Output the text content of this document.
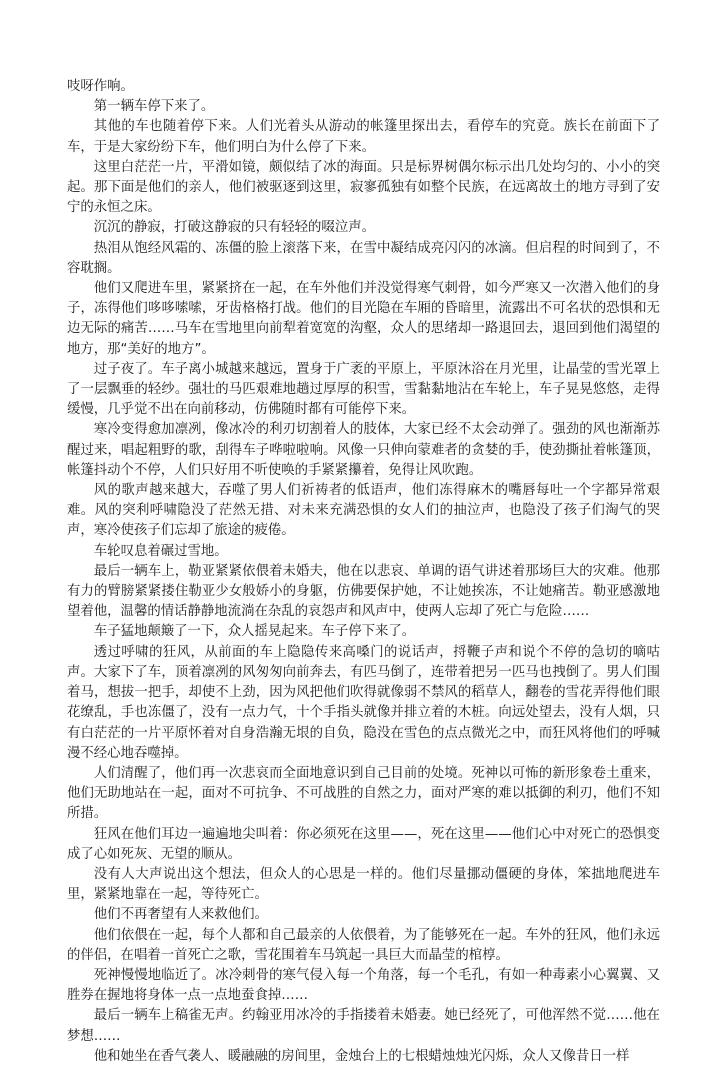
吱呀作响。

第一辆车停下来了。

其他的车也随着停下来。人们光着头从游动的帐篷里探出去，看停车的究竟。族长在前面下了车，于是大家纷纷下车，他们明白为什么停了下来。

这里白茫茫一片，平滑如镜，颇似结了冰的海面。只是标界树偶尔标示出几处均匀的、小小的突起。那下面是他们的亲人，他们被驱逐到这里，寂寥孤独有如整个民族，在远离故土的地方寻到了安宁的永恒之床。

沉沉的静寂，打破这静寂的只有轻轻的啜泣声。

热泪从饱经风霜的、冻僵的脸上滚落下来，在雪中凝结成亮闪闪的冰滴。但启程的时间到了，不容耽搁。

他们又爬进车里，紧紧挤在一起，在车外他们并没觉得寒气刺骨，如今严寒又一次潜入他们的身子，冻得他们哆哆嗦嗦，牙齿格格打战。他们的目光隐在车厢的昏暗里，流露出不可名状的恐惧和无边无际的痛苦……马车在雪地里向前犁着宽宽的沟壑，众人的思绪却一路退回去，退回到他们渴望的地方，那“美好的地方”。

过子夜了。车子离小城越来越远，置身于广袤的平原上，平原沐浴在月光里，让晶莹的雪光罩上了一层飘垂的轻纱。强壮的马匹艰难地趟过厚厚的积雪，雪黏黏地沾在车轮上，车子晃晃悠悠，走得缓慢，几乎觉不出在向前移动，仿佛随时都有可能停下来。

寒冷变得愈加凛冽，像冰冷的利刃切割着人的肢体，大家已经不太会动弹了。强劲的风也渐渐苏醒过来，唱起粗野的歌，刮得车子哗啦啦响。风像一只伸向蒙难者的贪婪的手，使劲撕扯着帐篷顶，帐篷抖动个不停，人们只好用不听使唤的手紧紧攥着，免得让风吹跑。

风的歌声越来越大，吞噬了男人们祈祷者的低语声，他们冻得麻木的嘴唇每吐一个字都异常艰难。风的突利呼啸隐没了茫然无措、对未来充满恐惧的女人们的抽泣声，也隐没了孩子们淘气的哭声，寒冷使孩子们忘却了旅途的疲倦。

车轮叹息着碾过雪地。

最后一辆车上，勒亚紧紧依偎着未婚夫，他在以悲哀、单调的语气讲述着那场巨大的灾难。他那有力的臂膀紧紧搂住勒亚少女般娇小的身躯，仿佛要保护她，不让她挨冻，不让她痛苦。勒亚感激地望着他，温馨的情话静静地流淌在杂乱的哀怨声和风声中，使两人忘却了死亡与危险……

车子猛地颠簸了一下，众人摇晃起来。车子停下来了。

透过呼啸的狂风，从前面的车上隐隐传来高嗓门的说话声，捋鞭子声和说个不停的急切的嘀咕声。大家下了车，顶着凛冽的风匆匆向前奔去，有匹马倒了，连带着把另一匹马也拽倒了。男人们围着马，想拔一把手，却使不上劲，因为风把他们吹得就像弱不禁风的稻草人，翻卷的雪花弄得他们眼花缭乱，手也冻僵了，没有一点力气，十个手指头就像并排立着的木桩。向远处望去，没有人烟，只有白茫茫的一片平原怀着对自身浩瀚无垠的自负，隐没在雪色的点点微光之中，而狂风将他们的呼喊漫不经心地吞噬掉。

人们清醒了，他们再一次悲哀而全面地意识到自己目前的处境。死神以可怖的新形象卷土重来，他们无助地站在一起，面对不可抗争、不可战胜的自然之力，面对严寒的难以抵御的利刃，他们不知所措。

狂风在他们耳边一遍遍地尖叫着：你必须死在这里——，死在这里——他们心中对死亡的恐惧变成了心如死灰、无望的顺从。

没有人大声说出这个想法，但众人的心思是一样的。他们尽量挪动僵硬的身体，笨拙地爬进车里，紧紧地靠在一起，等待死亡。

他们不再奢望有人来救他们。

他们依偎在一起，每个人都和自己最亲的人依偎着，为了能够死在一起。车外的狂风，他们永远的伴侣，在唱着一首死亡之歌，雪花围着车马筑起一具巨大而晶莹的棺椁。

死神慢慢地临近了。冰冷刺骨的寒气侵入每一个角落，每一个毛孔，有如一种毒素小心翼翼、又胜券在握地将身体一点一点地蚕食掉……

最后一辆车上稿雀无声。约翰亚用冰冷的手指搂着未婚妻。她已经死了，可他浑然不觉……他在梦想……

他和她坐在香气袭人、暖融融的房间里，金烛台上的七根蜡烛烛光闪烁，众人又像昔日一样
